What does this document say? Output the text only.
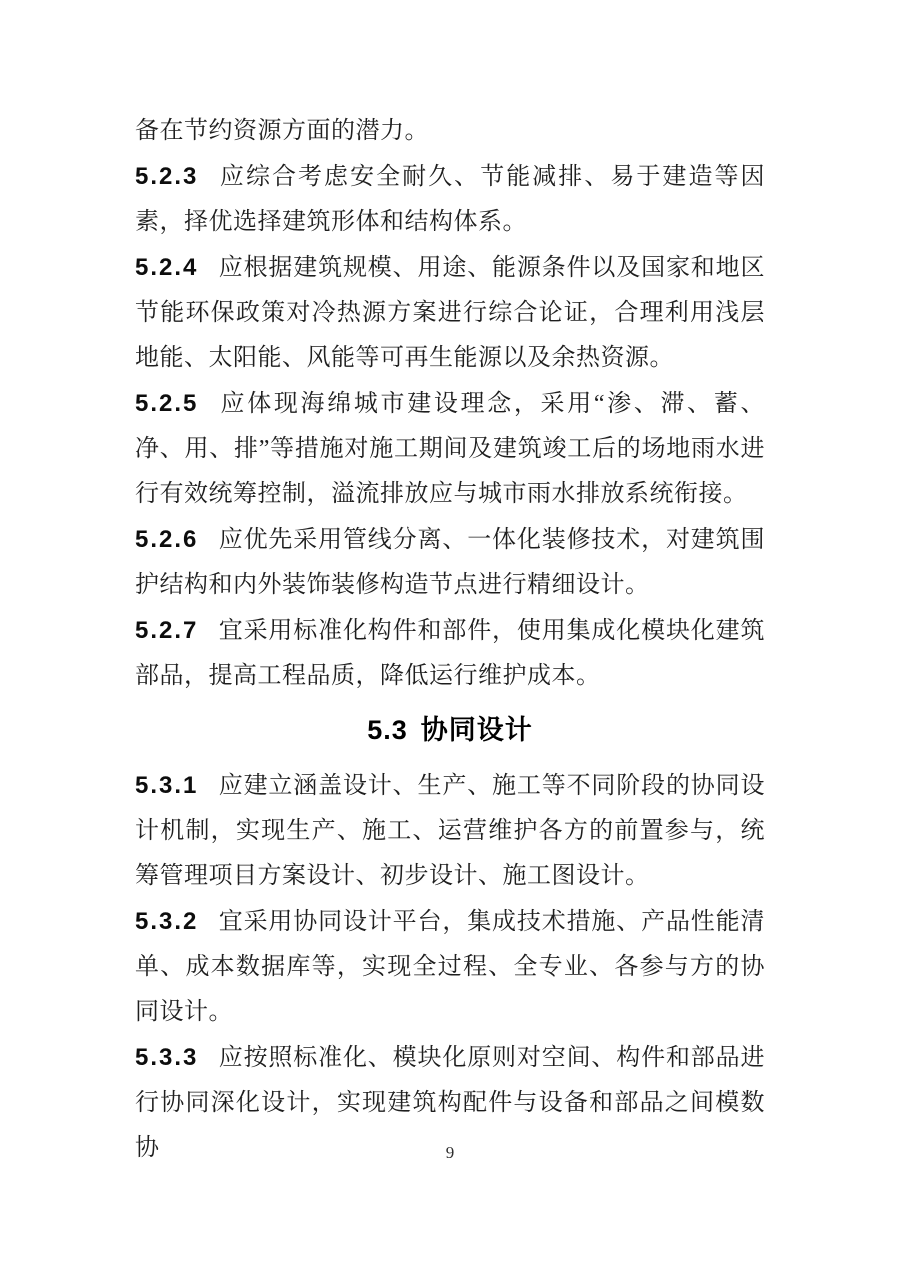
备在节约资源方面的潜力。

5.2.3 应综合考虑安全耐久、节能减排、易于建造等因素，择优选择建筑形体和结构体系。

5.2.4 应根据建筑规模、用途、能源条件以及国家和地区节能环保政策对冷热源方案进行综合论证，合理利用浅层地能、太阳能、风能等可再生能源以及余热资源。

5.2.5 应体现海绵城市建设理念，采用“渗、滞、蓄、净、用、排”等措施对施工期间及建筑竣工后的场地雨水进行有效统筹控制，溢流排放应与城市雨水排放系统衔接。

5.2.6 应优先采用管线分离、一体化装修技术，对建筑围护结构和内外装饰装修构造节点进行精细设计。

5.2.7 宜采用标准化构件和部件，使用集成化模块化建筑部品，提高工程品质，降低运行维护成本。

5.3 协同设计

5.3.1 应建立涵盖设计、生产、施工等不同阶段的协同设计机制，实现生产、施工、运营维护各方的前置参与，统筹管理项目方案设计、初步设计、施工图设计。

5.3.2 宜采用协同设计平台，集成技术措施、产品性能清单、成本数据库等，实现全过程、全专业、各参与方的协同设计。

5.3.3 应按照标准化、模块化原则对空间、构件和部品进行协同深化设计，实现建筑构配件与设备和部品之间模数协	9
